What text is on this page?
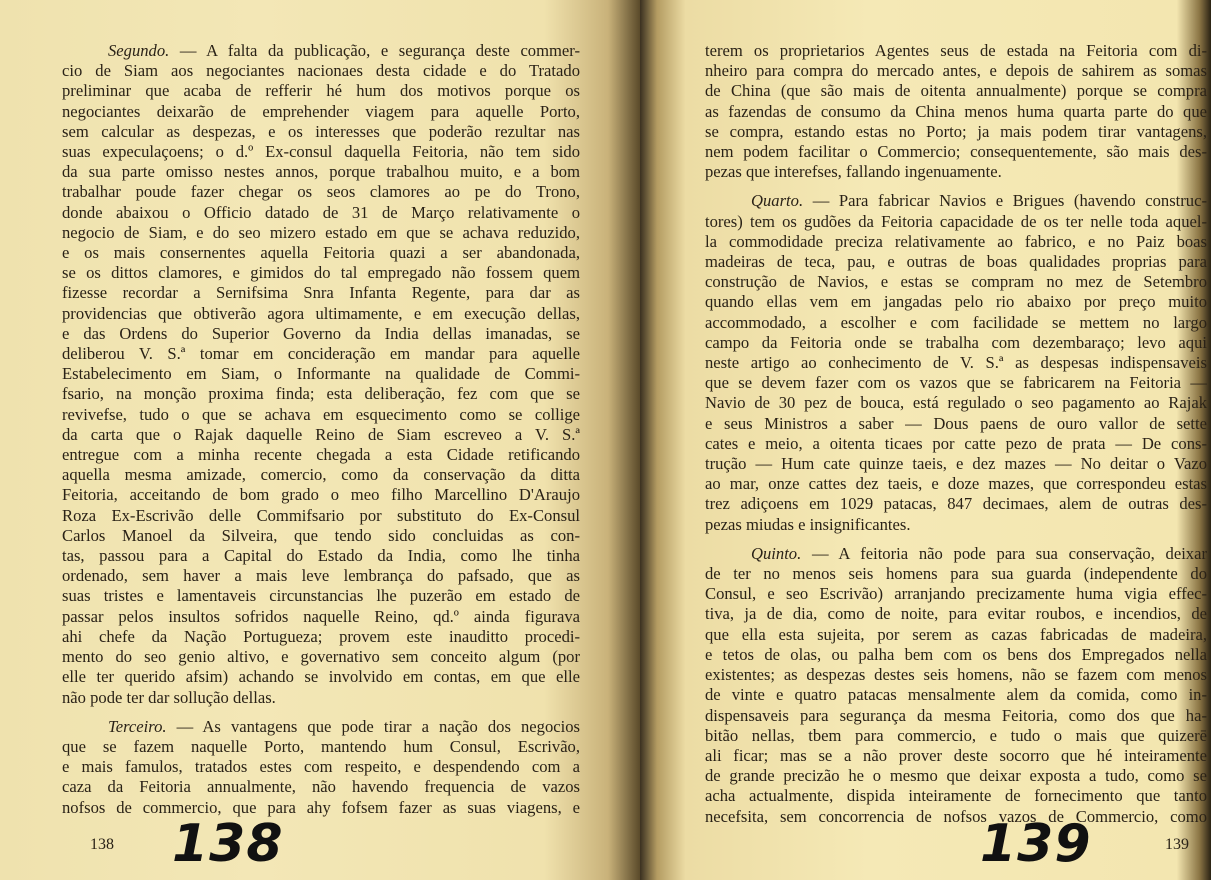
Segundo. — A falta da publicação, e segurança deste commer-
cio de Siam aos negociantes nacionaes desta cidade e do Tratado
preliminar que acaba de refferir hé hum dos motivos porque os
negociantes deixarão de emprehender viagem para aquelle Porto,
sem calcular as despezas, e os interesses que poderão rezultar nas
suas expeculaçoens; o d.º Ex-consul daquella Feitoria, não tem sido
da sua parte omisso nestes annos, porque trabalhou muito, e a bom
trabalhar poude fazer chegar os seos clamores ao pe do Trono,
donde abaixou o Officio datado de 31 de Março relativamente o
negocio de Siam, e do seo mizero estado em que se achava reduzido,
e os mais consernentes aquella Feitoria quazi a ser abandonada,
se os dittos clamores, e gimidos do tal empregado não fossem quem
fizesse recordar a Sernifsima Snra Infanta Regente, para dar as
providencias que obtiverão agora ultimamente, e em execução dellas,
e das Ordens do Superior Governo da India dellas imanadas, se
deliberou V. S.ª tomar em concideração em mandar para aquelle
Estabelecimento em Siam, o Informante na qualidade de Commi-
fsario, na monção proxima finda; esta deliberação, fez com que se
revivefse, tudo o que se achava em esquecimento como se collige
da carta que o Rajak daquelle Reino de Siam escreveo a V. S.ª
entregue com a minha recente chegada a esta Cidade retificando
aquella mesma amizade, comercio, como da conservação da ditta
Feitoria, acceitando de bom grado o meo filho Marcellino D'Araujo
Roza Ex-Escrivão delle Commifsario por substituto do Ex-Consul
Carlos Manoel da Silveira, que tendo sido concluidas as con-
tas, passou para a Capital do Estado da India, como lhe tinha
ordenado, sem haver a mais leve lembrança do pafsado, que as
suas tristes e lamentaveis circunstancias lhe puzerão em estado de
passar pelos insultos sofridos naquelle Reino, qd.º ainda figurava
ahi chefe da Nação Portugueza; provem este inauditto procedi-
mento do seo genio altivo, e governativo sem conceito algum (por
elle ter querido afsim) achando se involvido em contas, em que elle
não pode ter dar sollução dellas.
Terceiro. — As vantagens que pode tirar a nação dos negocios
que se fazem naquelle Porto, mantendo hum Consul, Escrivão,
e mais famulos, tratados estes com respeito, e despendendo com a
caza da Feitoria annualmente, não havendo frequencia de vazos
nofsos de commercio, que para ahy fofsem fazer as suas viagens, e
138 138
terem os proprietarios Agentes seus de estada na Feitoria com di-
nheiro para compra do mercado antes, e depois de sahirem as somas
de China (que são mais de oitenta annualmente) porque se compra
as fazendas de consumo da China menos huma quarta parte do que
se compra, estando estas no Porto; ja mais podem tirar vantagens,
nem podem facilitar o Commercio; consequentemente, são mais des-
pezas que interefses, fallando ingenuamente.
Quarto. — Para fabricar Navios e Brigues (havendo construc-
tores) tem os gudões da Feitoria capacidade de os ter nelle toda aquel-
la commodidade preciza relativamente ao fabrico, e no Paiz boas
madeiras de teca, pau, e outras de boas qualidades proprias para
construção de Navios, e estas se compram no mez de Setembro
quando ellas vem em jangadas pelo rio abaixo por preço muito
accommodado, a escolher e com facilidade se mettem no largo
campo da Feitoria onde se trabalha com dezembaraço; levo aqui
neste artigo ao conhecimento de V. S.ª as despesas indispensaveis
que se devem fazer com os vazos que se fabricarem na Feitoria —
Navio de 30 pez de bouca, está regulado o seo pagamento ao Rajak
e seus Ministros a saber — Dous paens de ouro vallor de sette
cates e meio, a oitenta ticaes por catte pezo de prata — De cons-
trução — Hum cate quinze taeis, e dez mazes — No deitar o Vazo
ao mar, onze cattes dez taeis, e doze mazes, que correspondeu estas
trez adiçoens em 1029 patacas, 847 decimaes, alem de outras des-
pezas miudas e insignificantes.
Quinto. — A feitoria não pode para sua conservação, deixar
de ter no menos seis homens para sua guarda (independente do
Consul, e seo Escrivão) arranjando precizamente huma vigia effec-
tiva, ja de dia, como de noite, para evitar roubos, e incendios, de
que ella esta sujeita, por serem as cazas fabricadas de madeira,
e tetos de olas, ou palha bem com os bens dos Empregados nella
existentes; as despezas destes seis homens, não se fazem com menos
de vinte e quatro patacas mensalmente alem da comida, como in-
dispensaveis para segurança da mesma Feitoria, como dos que ha-
bitão nellas, tbem para commercio, e tudo o mais que quizerē
ali ficar; mas se a não prover deste socorro que hé inteiramente
de grande precizão he o mesmo que deixar exposta a tudo, como se
acha actualmente, dispida inteiramente de fornecimento que tanto
necefsita, sem concorrencia de nofsos vazos de Commercio, como
139	139
